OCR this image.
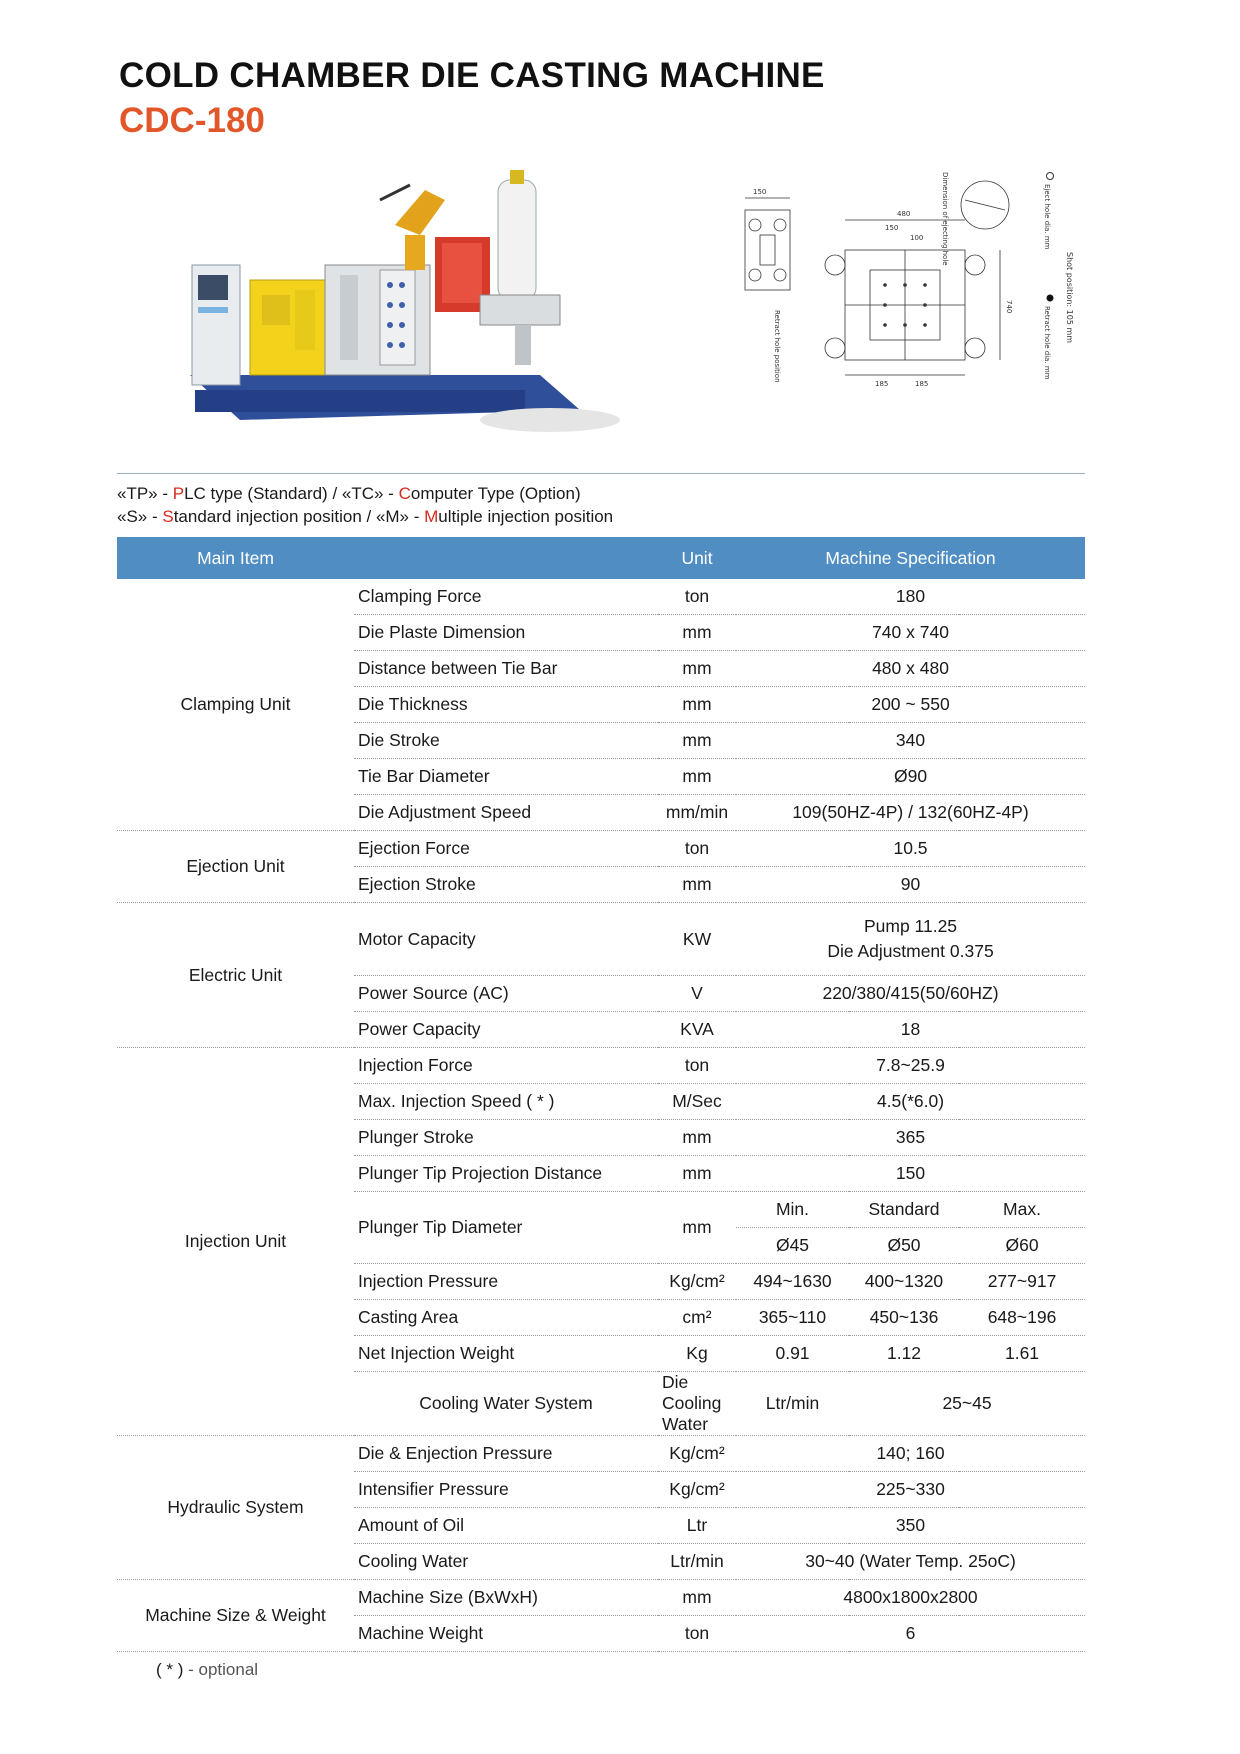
COLD CHAMBER DIE CASTING MACHINE
CDC-180
150
Retract hole position
480
150
100
740
185	185
Dimension of ejecting hole	Eject hole dia. mm
Retract hole dia. mm Shot position: 105 mm
«TP» - PLC type (Standard) / «TC» - Computer Type (Option)
«S» - Standard injection position / «M» - Multiple injection position
Main Item		Unit	Machine Specification		
Clamping Unit	Clamping Force	ton	180		
	Die Plaste Dimension	mm	740 x 740		
	Distance between Tie Bar	mm	480 x 480		
	Die Thickness	mm	200 ~ 550		
	Die Stroke	mm	340		
	Tie Bar Diameter	mm	Ø90		
	Die Adjustment Speed	mm/min	109(50HZ-4P) / 132(60HZ-4P)		
Ejection Unit	Ejection Force	ton	10.5		
	Ejection Stroke	mm	90		
Electric Unit	Motor Capacity	KW	Pump 11.25
Die Adjustment 0.375		

	Power Source (AC)	V	220/380/415(50/60HZ)		
	Power Capacity	KVA	18		
Injection Unit	Injection Force	ton	7.8~25.9		
	Max. Injection Speed ( * )	M/Sec	4.5(*6.0)		
	Plunger Stroke	mm	365		
	Plunger Tip Projection Distance	mm	150		
	Plunger Tip Diameter	mm	Min.	Standard	Max.
			Ø45	Ø50	Ø60
	Injection Pressure	Kg/cm²	494~1630	400~1320	277~917
	Casting Area	cm²	365~110	450~136	648~196
	Net Injection Weight	Kg	0.91	1.12	1.61
	Cooling Water System	Die Cooling Water	Ltr/min	25~45	
Hydraulic System	Die & Enjection Pressure	Kg/cm²	140; 160		
	Intensifier Pressure	Kg/cm²	225~330		
	Amount of Oil	Ltr	350		
	Cooling Water	Ltr/min	30~40 (Water Temp. 25oC)		
Machine Size & Weight	Machine Size (BxWxH)	mm	4800x1800x2800		
	Machine Weight	ton	6		
( * ) - optional
